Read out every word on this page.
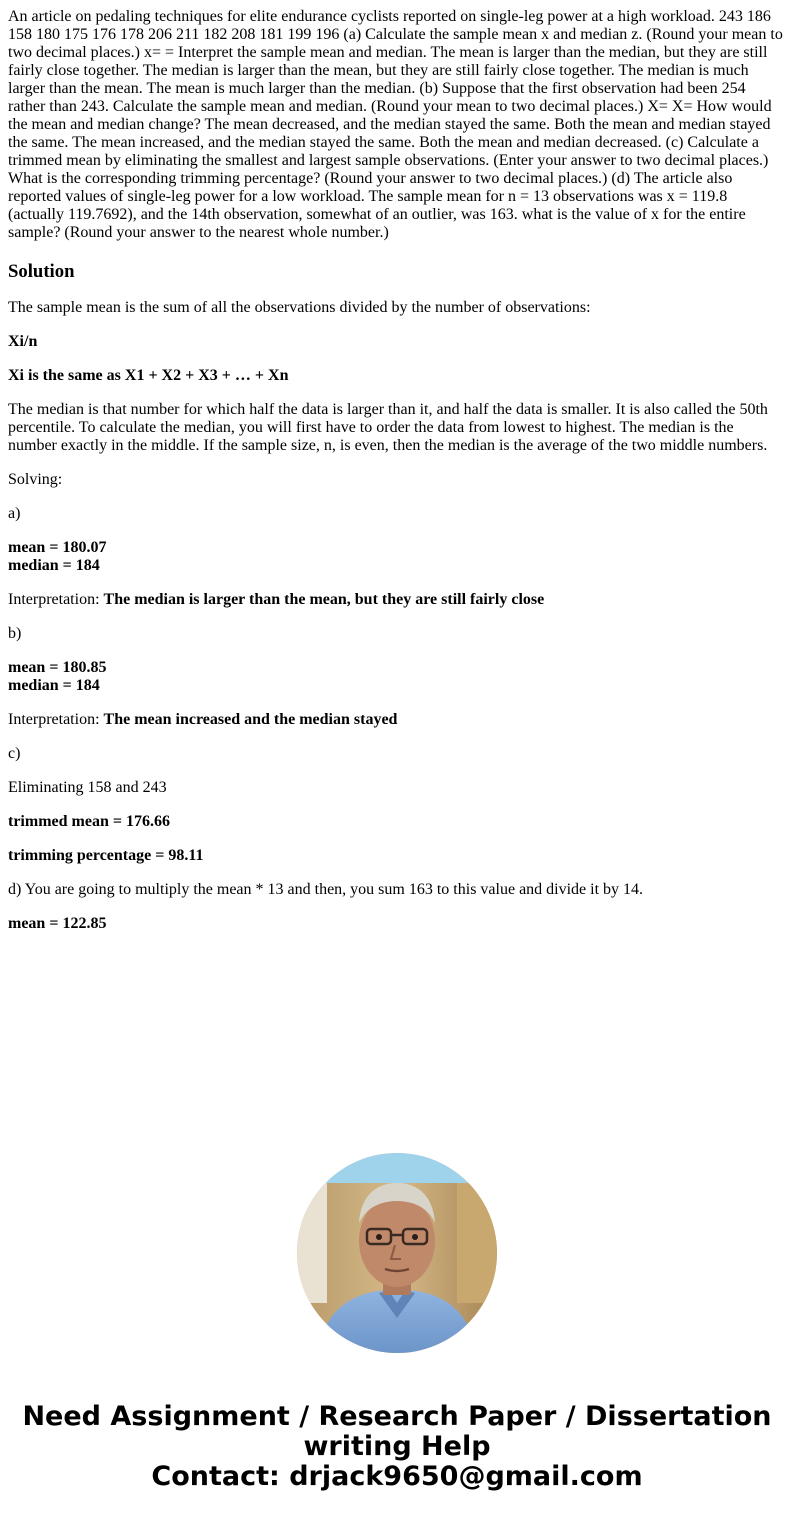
An article on pedaling techniques for elite endurance cyclists reported on single-leg power at a high workload. 243 186 158 180 175 176 178 206 211 182 208 181 199 196 (a) Calculate the sample mean x and median z. (Round your mean to two decimal places.) x= = Interpret the sample mean and median. The mean is larger than the median, but they are still fairly close together. The median is larger than the mean, but they are still fairly close together. The median is much larger than the mean. The mean is much larger than the median. (b) Suppose that the first observation had been 254 rather than 243. Calculate the sample mean and median. (Round your mean to two decimal places.) X= X= How would the mean and median change? The mean decreased, and the median stayed the same. Both the mean and median stayed the same. The mean increased, and the median stayed the same. Both the mean and median decreased. (c) Calculate a trimmed mean by eliminating the smallest and largest sample observations. (Enter your answer to two decimal places.) What is the corresponding trimming percentage? (Round your answer to two decimal places.) (d) The article also reported values of single-leg power for a low workload. The sample mean for n = 13 observations was x = 119.8 (actually 119.7692), and the 14th observation, somewhat of an outlier, was 163. what is the value of x for the entire sample? (Round your answer to the nearest whole number.)

Solution

The sample mean is the sum of all the observations divided by the number of observations:

Xi/n

Xi is the same as X1 + X2 + X3 + … + Xn

The median is that number for which half the data is larger than it, and half the data is smaller. It is also called the 50th percentile. To calculate the median, you will first have to order the data from lowest to highest. The median is the number exactly in the middle. If the sample size, n, is even, then the median is the average of the two middle numbers.

Solving:

a)

mean = 180.07
median = 184

Interpretation: The median is larger than the mean, but they are still fairly close

b)

mean = 180.85
median = 184

Interpretation: The mean increased and the median stayed

c)

Eliminating 158 and 243

trimmed mean = 176.66

trimming percentage = 98.11

d) You are going to multiply the mean * 13 and then, you sum 163 to this value and divide it by 14.

mean = 122.85

Need Assignment / Research Paper / Dissertation
writing Help
Contact: drjack9650@gmail.com
